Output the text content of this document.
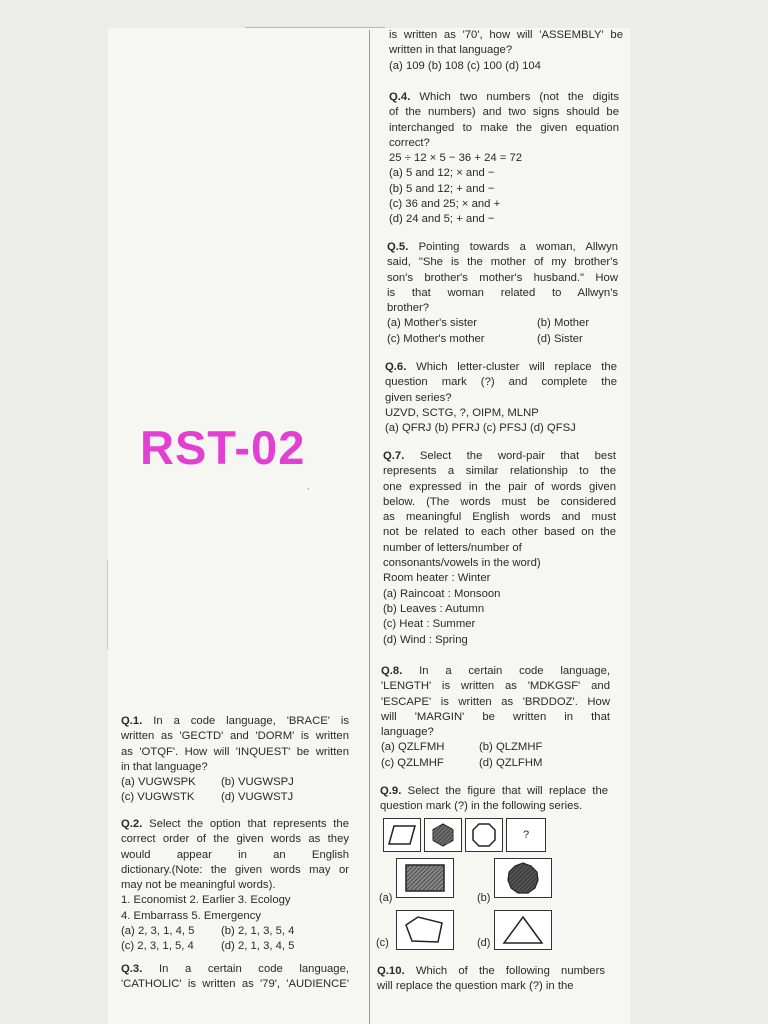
ˋ
RST-02

Q.1. In a code language, 'BRACE' is

written as 'GECTD' and 'DORM' is written

as 'OTQF'. How will 'INQUEST' be written

in that language?

(a) VUGWSPK	(b) VUGWSPJ
(c) VUGWSTK	(d) VUGWSTJ

Q.2. Select the option that represents the

correct order of the given words as they

would appear in an English

dictionary.(Note: the given words may or

may not be meaningful words).

1. Economist 2. Earlier 3. Ecology

4. Embarrass 5. Emergency

(a) 2, 3, 1, 4, 5	(b) 2, 1, 3, 5, 4
(c) 2, 3, 1, 5, 4	(d) 2, 1, 3, 4, 5

Q.3. In a certain code language,

'CATHOLIC' is written as '79', 'AUDIENCE'

is written as '70', how will 'ASSEMBLY' be

written in that language?

(a) 109 (b) 108 (c) 100 (d) 104

Q.4. Which two numbers (not the digits

of the numbers) and two signs should be

interchanged to make the given equation

correct?

25 ÷ 12 × 5 − 36 + 24 = 72

(a) 5 and 12; × and −

(b) 5 and 12; + and −

(c) 36 and 25; × and +

(d) 24 and 5; + and −

Q.5. Pointing towards a woman, Allwyn

said, "She is the mother of my brother's

son's brother's mother's husband." How

is that woman related to Allwyn's

brother?

(a) Mother's sister	(b) Mother
(c) Mother's mother	(d) Sister

Q.6. Which letter-cluster will replace the

question mark (?) and complete the

given series?

UZVD, SCTG, ?, OIPM, MLNP

(a) QFRJ (b) PFRJ (c) PFSJ (d) QFSJ

Q.7. Select the word-pair that best

represents a similar relationship to the

one expressed in the pair of words given

below. (The words must be considered

as meaningful English words and must

not be related to each other based on the

number of letters/number of

consonants/vowels in the word)

Room heater : Winter

(a) Raincoat : Monsoon

(b) Leaves : Autumn

(c) Heat : Summer

(d) Wind : Spring

Q.8. In a certain code language,

'LENGTH' is written as 'MDKGSF' and

'ESCAPE' is written as 'BRDDOZ'. How

will 'MARGIN' be written in that

language?

(a) QZLFMH	(b) QLZMHF
(c) QZLMHF	(d) QZLFHM

Q.9. Select the figure that will replace the

question mark (?) in the following series.

?
(a)	(b)
(c)	(d)

Q.10. Which of the following numbers

will replace the question mark (?) in the
